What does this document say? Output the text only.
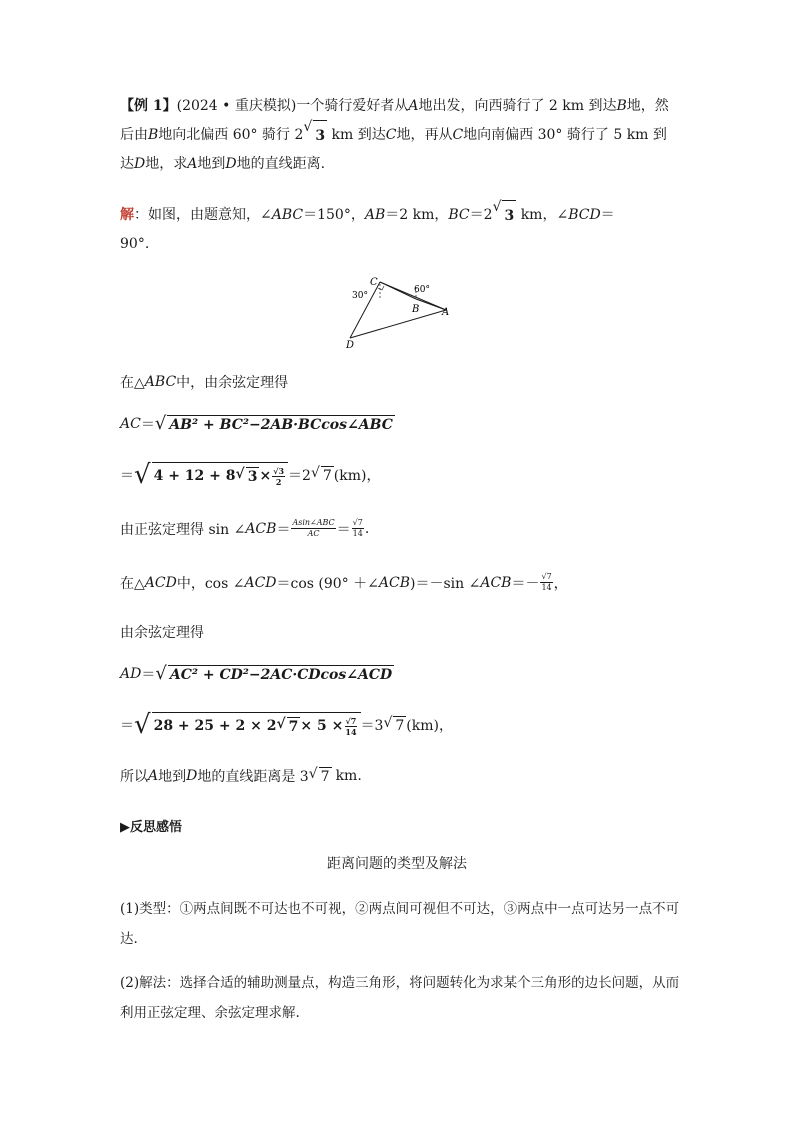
【例 1】(2024 • 重庆模拟)一个骑行爱好者从A地出发，向西骑行了 2 km 到达B地，然后由B地向北偏西 60° 骑行 2 √
3 km 到达C地，再从C地向南偏西 30° 骑行了 5 km 到达D地，求A地到D地的直线距离.

解：如图，由题意知，∠ABC＝150°，AB＝2 km，BC＝2 √
3 km，∠BCD＝
90°.

C
B A
D
30°
60°
在△ ABC 中，由余弦定理得
AC ＝ √ AB² + BC²−2AB·BCcos∠ABC
＝ √ 4 + 12 + 8 √ $3 \times \frac{√3}{2} =2$ √ 7 (km)，
由正弦定理得 sin ∠ ACB ＝ $\frac{\text{Asin∠ABC}}{AC} = \frac{√7}{14}$ .
在△ ACD 中，cos ∠ ACD ＝cos (90° ＋∠ ACB )＝－sin ∠ ACB ＝－ $\frac{√7}{14}$ ，
由余弦定理得
AD ＝ √ AC² + CD²−2AC·CDcos∠ACD
＝ √ 28 + 25 + 2 × 2 √ $7 \times 5 \times \frac{√7}{14} =3$ √ 7 (km)，
所以 A 地到 D 地的直线距离是 3 √ 7 km.
▶反思感悟
距离问题的类型及解法
(1)类型：①两点间既不可达也不可视，②两点间可视但不可达，③两点中一点可达另一点不可达.
(2)解法：选择合适的辅助测量点，构造三角形，将问题转化为求某个三角形的边长问题，从而利用正弦定理、余弦定理求解.
